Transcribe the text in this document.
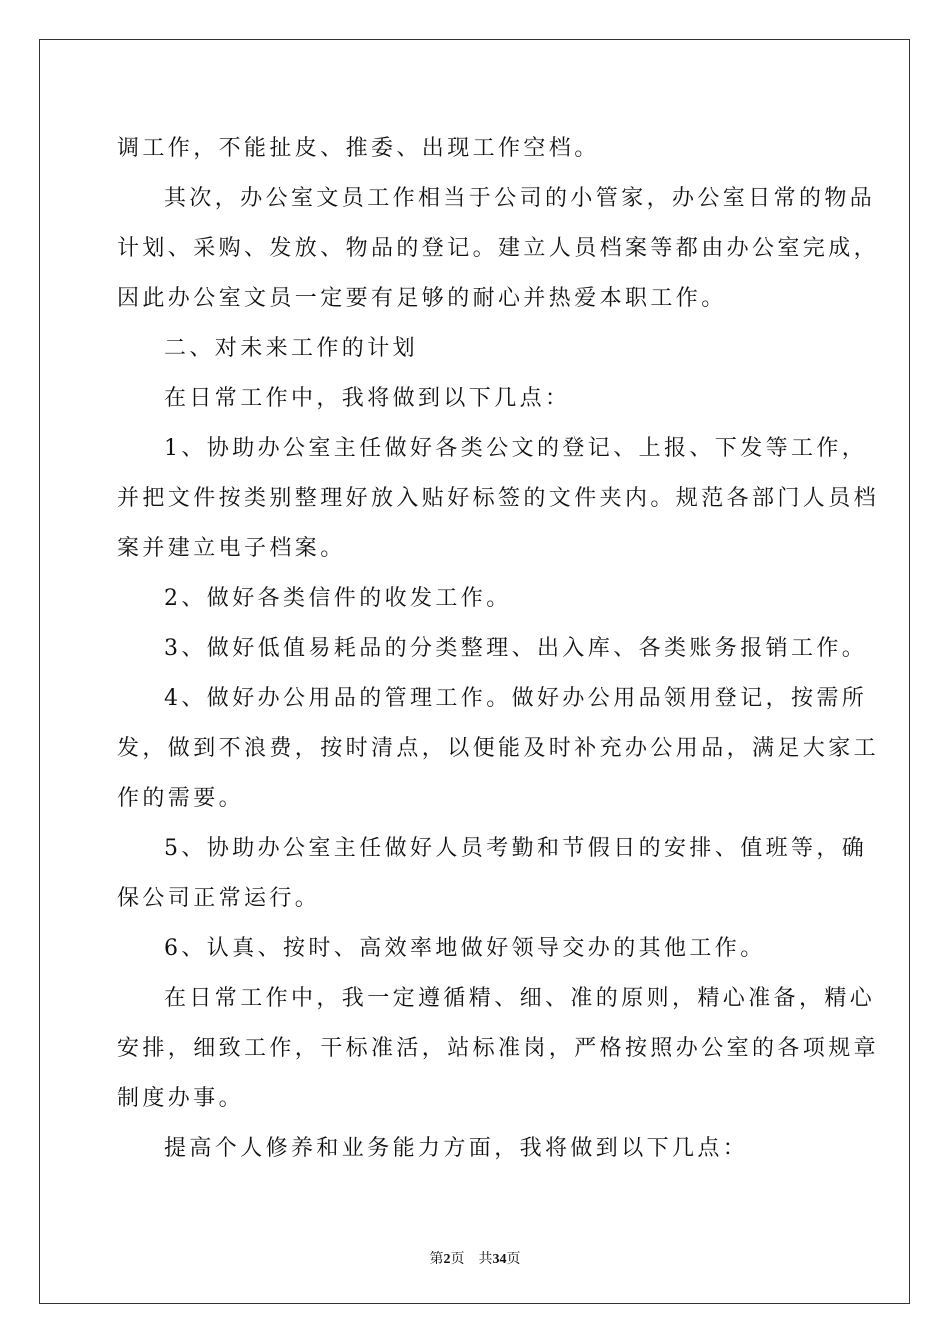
调工作，不能扯皮、推委、出现工作空档。

其次，办公室文员工作相当于公司的小管家，办公室日常的物品

计划、采购、发放、物品的登记。建立人员档案等都由办公室完成，

因此办公室文员一定要有足够的耐心并热爱本职工作。

二、对未来工作的计划

在日常工作中，我将做到以下几点：

1、协助办公室主任做好各类公文的登记、上报、下发等工作，

并把文件按类别整理好放入贴好标签的文件夹内。规范各部门人员档

案并建立电子档案。

2、做好各类信件的收发工作。

3、做好低值易耗品的分类整理、出入库、各类账务报销工作。

4、做好办公用品的管理工作。做好办公用品领用登记，按需所

发，做到不浪费，按时清点，以便能及时补充办公用品，满足大家工

作的需要。

5、协助办公室主任做好人员考勤和节假日的安排、值班等，确

保公司正常运行。

6、认真、按时、高效率地做好领导交办的其他工作。

在日常工作中，我一定遵循精、细、准的原则，精心准备，精心

安排，细致工作，干标准活，站标准岗，严格按照办公室的各项规章

制度办事。

提高个人修养和业务能力方面，我将做到以下几点：

第2页 共34页
